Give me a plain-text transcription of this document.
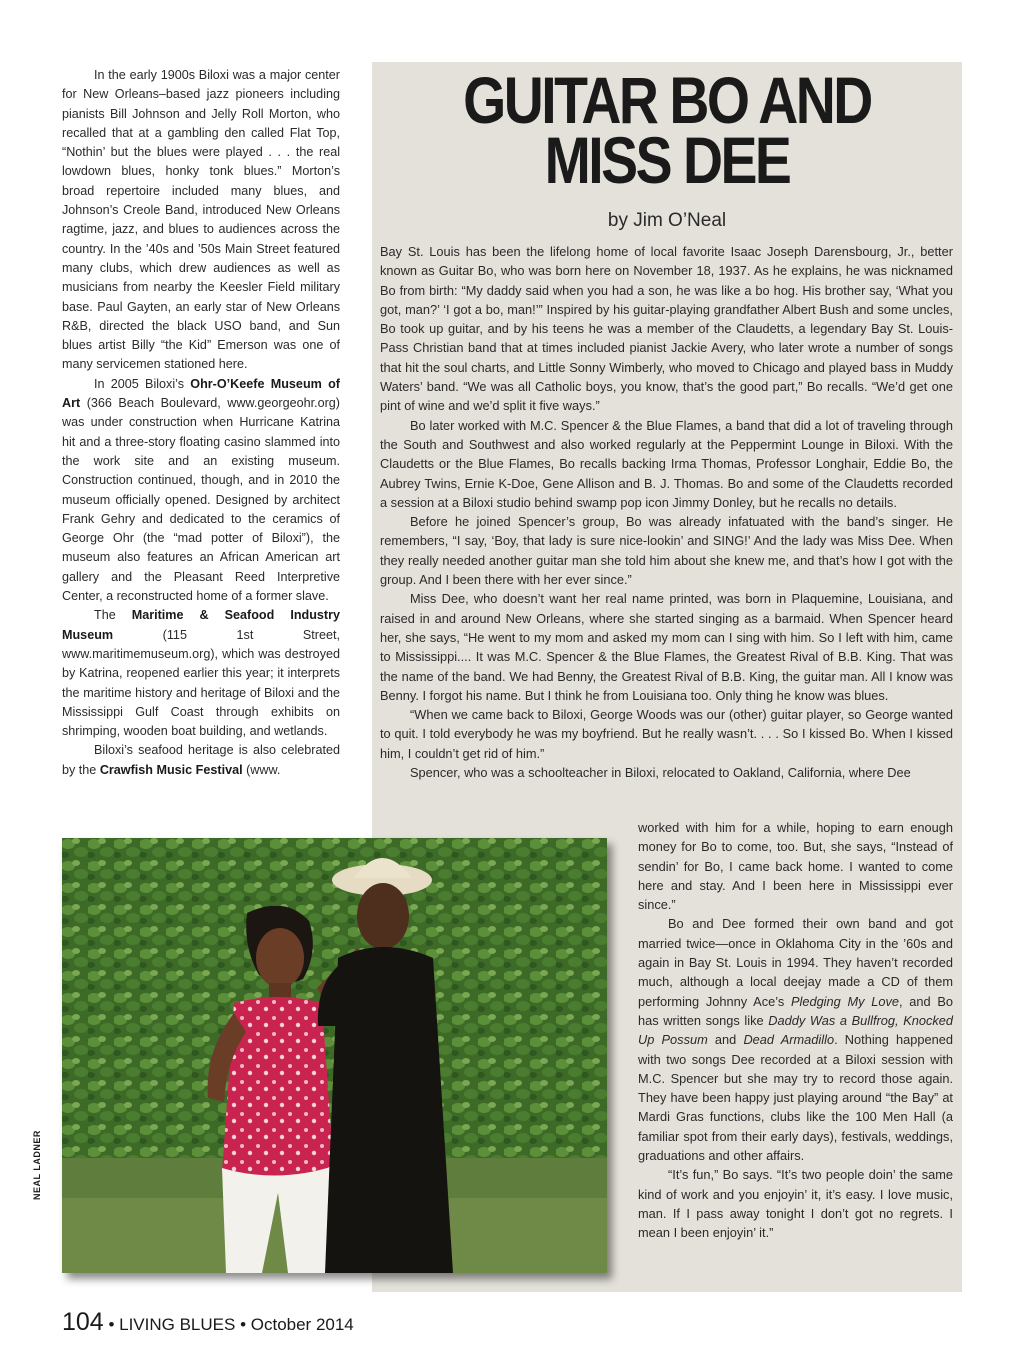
In the early 1900s Biloxi was a major center for New Orleans–based jazz pioneers including pianists Bill Johnson and Jelly Roll Morton, who recalled that at a gambling den called Flat Top, “Nothin’ but the blues were played . . . the real lowdown blues, honky tonk blues.” Morton’s broad repertoire included many blues, and Johnson’s Creole Band, introduced New Orleans ragtime, jazz, and blues to audiences across the country. In the ’40s and ’50s Main Street featured many clubs, which drew audiences as well as musicians from nearby the Keesler Field military base. Paul Gayten, an early star of New Orleans R&B, directed the black USO band, and Sun blues artist Billy “the Kid” Emerson was one of many servicemen stationed here.

In 2005 Biloxi’s Ohr-O’Keefe Museum of Art (366 Beach Boulevard, www.georgeohr.org) was under construction when Hurricane Katrina hit and a three-story floating casino slammed into the work site and an existing museum. Construction continued, though, and in 2010 the museum officially opened. Designed by architect Frank Gehry and dedicated to the ceramics of George Ohr (the “mad potter of Biloxi”), the museum also features an African American art gallery and the Pleasant Reed Interpretive Center, a reconstructed home of a former slave.

The Maritime & Seafood Industry Museum (115 1st Street, www.maritimemuseum.org), which was destroyed by Katrina, reopened earlier this year; it interprets the maritime history and heritage of Biloxi and the Mississippi Gulf Coast through exhibits on shrimping, wooden boat building, and wetlands.

Biloxi’s seafood heritage is also celebrated by the Crawfish Music Festival (www.

GUITAR BO AND
MISS DEE
by Jim O’Neal

Bay St. Louis has been the lifelong home of local favorite Isaac Joseph Darensbourg, Jr., better known as Guitar Bo, who was born here on November 18, 1937. As he explains, he was nicknamed Bo from birth: “My daddy said when you had a son, he was like a bo hog. His brother say, ‘What you got, man?’ ‘I got a bo, man!’” Inspired by his guitar-playing grandfather Albert Bush and some uncles, Bo took up guitar, and by his teens he was a member of the Claudetts, a legendary Bay St. Louis-Pass Christian band that at times included pianist Jackie Avery, who later wrote a number of songs that hit the soul charts, and Little Sonny Wimberly, who moved to Chicago and played bass in Muddy Waters’ band. “We was all Catholic boys, you know, that’s the good part,” Bo recalls. “We’d get one pint of wine and we’d split it five ways.”

Bo later worked with M.C. Spencer & the Blue Flames, a band that did a lot of traveling through the South and Southwest and also worked regularly at the Peppermint Lounge in Biloxi. With the Claudetts or the Blue Flames, Bo recalls backing Irma Thomas, Professor Longhair, Eddie Bo, the Aubrey Twins, Ernie K-Doe, Gene Allison and B. J. Thomas. Bo and some of the Claudetts recorded a session at a Biloxi studio behind swamp pop icon Jimmy Donley, but he recalls no details.

Before he joined Spencer’s group, Bo was already infatuated with the band’s singer. He remembers, “I say, ‘Boy, that lady is sure nice-lookin’ and SING!’ And the lady was Miss Dee. When they really needed another guitar man she told him about she knew me, and that’s how I got with the group. And I been there with her ever since.”

Miss Dee, who doesn’t want her real name printed, was born in Plaquemine, Louisiana, and raised in and around New Orleans, where she started singing as a barmaid. When Spencer heard her, she says, “He went to my mom and asked my mom can I sing with him. So I left with him, came to Mississippi.... It was M.C. Spencer & the Blue Flames, the Greatest Rival of B.B. King. That was the name of the band. We had Benny, the Greatest Rival of B.B. King, the guitar man. All I know was Benny. I forgot his name. But I think he from Louisiana too. Only thing he know was blues.

“When we came back to Biloxi, George Woods was our (other) guitar player, so George wanted to quit. I told everybody he was my boyfriend. But he really wasn’t. . . . So I kissed Bo. When I kissed him, I couldn’t get rid of him.”

Spencer, who was a schoolteacher in Biloxi, relocated to Oakland, California, where Dee

worked with him for a while, hoping to earn enough money for Bo to come, too. But, she says, “Instead of sendin’ for Bo, I came back home. I wanted to come here and stay. And I been here in Mississippi ever since.”

Bo and Dee formed their own band and got married twice—once in Oklahoma City in the ’60s and again in Bay St. Louis in 1994. They haven’t recorded much, although a local deejay made a CD of them performing Johnny Ace’s Pledging My Love, and Bo has written songs like Daddy Was a Bullfrog, Knocked Up Possum and Dead Armadillo. Nothing happened with two songs Dee recorded at a Biloxi session with M.C. Spencer but she may try to record those again. They have been happy just playing around “the Bay” at Mardi Gras functions, clubs like the 100 Men Hall (a familiar spot from their early days), festivals, weddings, graduations and other affairs.

“It’s fun,” Bo says. “It’s two people doin’ the same kind of work and you enjoyin’ it, it’s easy. I love music, man. If I pass away tonight I don’t got no regrets. I mean I been enjoyin’ it.”

NEAL LADNER
104 • LIVING BLUES • October 2014
